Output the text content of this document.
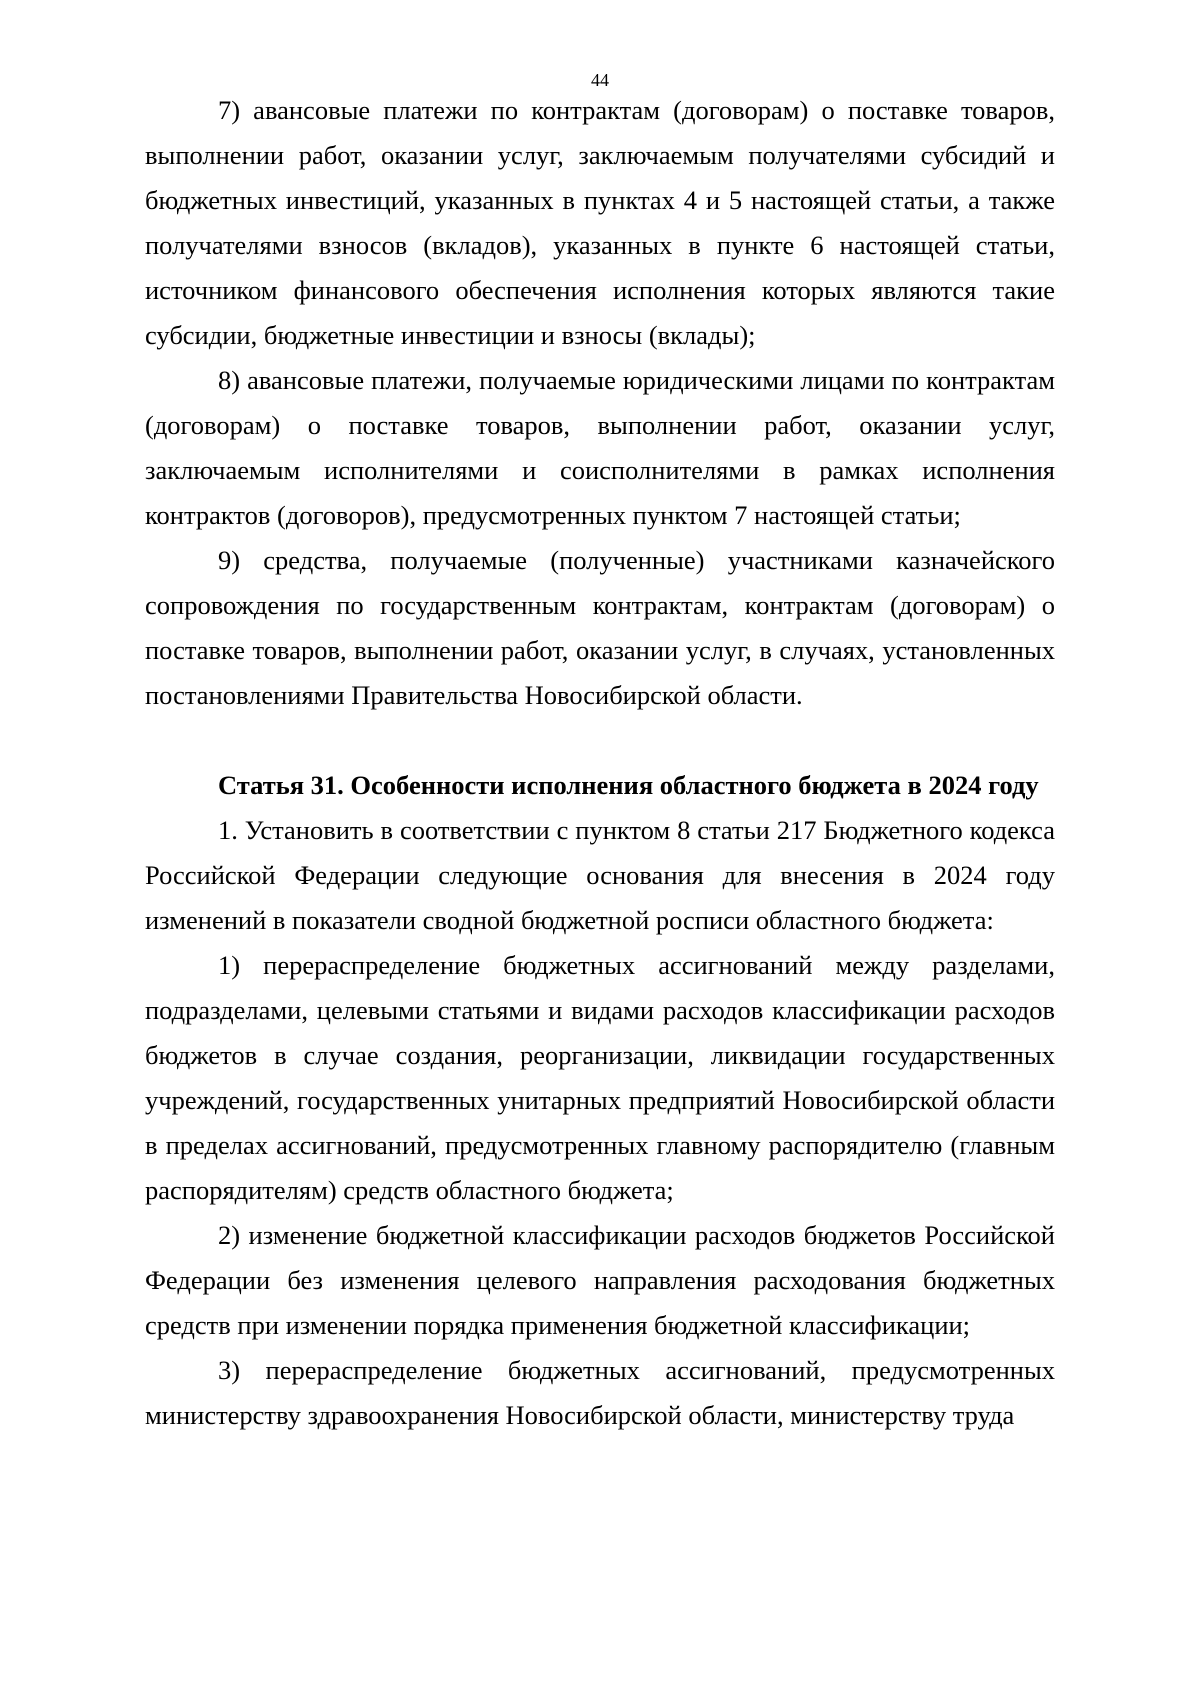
44

7) авансовые платежи по контрактам (договорам) о поставке товаров, выполнении работ, оказании услуг, заключаемым получателями субсидий и бюджетных инвестиций, указанных в пунктах 4 и 5 настоящей статьи, а также получателями взносов (вкладов), указанных в пункте 6 настоящей статьи, источником финансового обеспечения исполнения которых являются такие субсидии, бюджетные инвестиции и взносы (вклады);

8) авансовые платежи, получаемые юридическими лицами по контрактам (договорам) о поставке товаров, выполнении работ, оказании услуг, заключаемым исполнителями и соисполнителями в рамках исполнения контрактов (договоров), предусмотренных пунктом 7 настоящей статьи;

9) средства, получаемые (полученные) участниками казначейского сопровождения по государственным контрактам, контрактам (договорам) о поставке товаров, выполнении работ, оказании услуг, в случаях, установленных постановлениями Правительства Новосибирской области.

Статья 31. Особенности исполнения областного бюджета в 2024 году

1. Установить в соответствии с пунктом 8 статьи 217 Бюджетного кодекса Российской Федерации следующие основания для внесения в 2024 году изменений в показатели сводной бюджетной росписи областного бюджета:

1) перераспределение бюджетных ассигнований между разделами, подразделами, целевыми статьями и видами расходов классификации расходов бюджетов в случае создания, реорганизации, ликвидации государственных учреждений, государственных унитарных предприятий Новосибирской области в пределах ассигнований, предусмотренных главному распорядителю (главным распорядителям) средств областного бюджета;

2) изменение бюджетной классификации расходов бюджетов Российской Федерации без изменения целевого направления расходования бюджетных средств при изменении порядка применения бюджетной классификации;

3) перераспределение бюджетных ассигнований, предусмотренных министерству здравоохранения Новосибирской области, министерству труда
